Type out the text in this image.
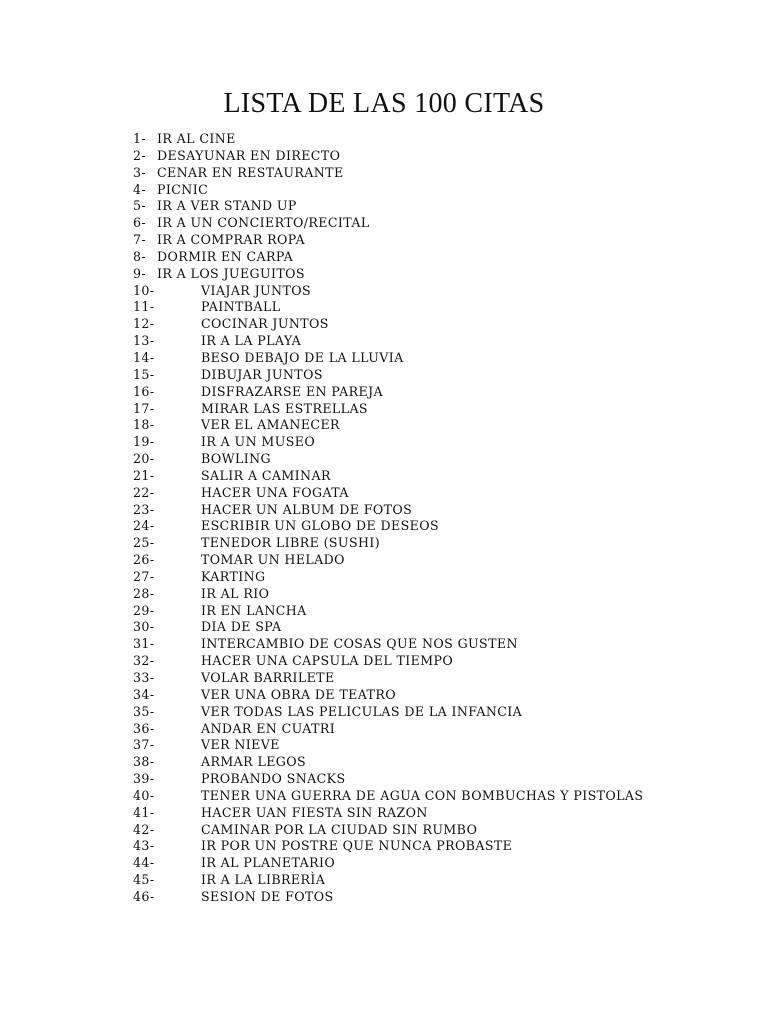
LISTA DE LAS 100 CITAS
1- IR AL CINE
2- DESAYUNAR EN DIRECTO
3- CENAR EN RESTAURANTE
4- PICNIC
5- IR A VER STAND UP
6- IR A UN CONCIERTO/RECITAL
7- IR A COMPRAR ROPA
8- DORMIR EN CARPA
9- IR A LOS JUEGUITOS
10-	VIAJAR JUNTOS
11-	PAINTBALL
12-	COCINAR JUNTOS
13-	IR A LA PLAYA
14-	BESO DEBAJO DE LA LLUVIA
15-	DIBUJAR JUNTOS
16-	DISFRAZARSE EN PAREJA
17-	MIRAR LAS ESTRELLAS
18-	VER EL AMANECER
19-	IR A UN MUSEO
20-	BOWLING
21-	SALIR A CAMINAR
22-	HACER UNA FOGATA
23-	HACER UN ALBUM DE FOTOS
24-	ESCRIBIR UN GLOBO DE DESEOS
25-	TENEDOR LIBRE (SUSHI)
26-	TOMAR UN HELADO
27-	KARTING
28-	IR AL RIO
29-	IR EN LANCHA
30-	DIA DE SPA
31-	INTERCAMBIO DE COSAS QUE NOS GUSTEN
32-	HACER UNA CAPSULA DEL TIEMPO
33-	VOLAR BARRILETE
34-	VER UNA OBRA DE TEATRO
35-	VER TODAS LAS PELICULAS DE LA INFANCIA
36-	ANDAR EN CUATRI
37-	VER NIEVE
38-	ARMAR LEGOS
39-	PROBANDO SNACKS
40-	TENER UNA GUERRA DE AGUA CON BOMBUCHAS Y PISTOLAS
41-	HACER UAN FIESTA SIN RAZON
42-	CAMINAR POR LA CIUDAD SIN RUMBO
43-	IR POR UN POSTRE QUE NUNCA PROBASTE
44-	IR AL PLANETARIO
45-	IR A LA LIBRERÌA
46-	SESION DE FOTOS
